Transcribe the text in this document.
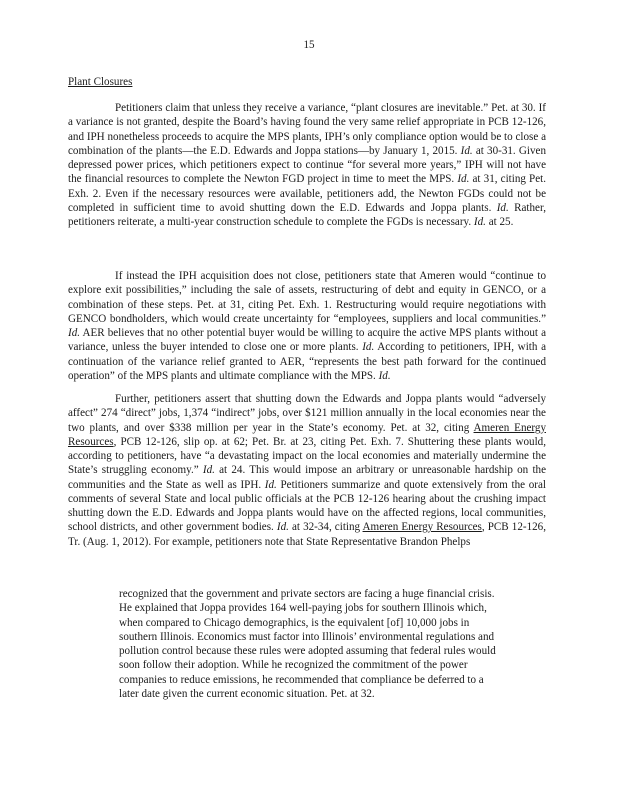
15
Plant Closures

Petitioners claim that unless they receive a variance, “plant closures are inevitable.” Pet. at 30. If a variance is not granted, despite the Board’s having found the very same relief appropriate in PCB 12-126, and IPH nonetheless proceeds to acquire the MPS plants, IPH’s only compliance option would be to close a combination of the plants—the E.D. Edwards and Joppa stations—by January 1, 2015. Id. at 30-31. Given depressed power prices, which petitioners expect to continue “for several more years,” IPH will not have the financial resources to complete the Newton FGD project in time to meet the MPS. Id. at 31, citing Pet. Exh. 2. Even if the necessary resources were available, petitioners add, the Newton FGDs could not be completed in sufficient time to avoid shutting down the E.D. Edwards and Joppa plants. Id. Rather, petitioners reiterate, a multi-year construction schedule to complete the FGDs is necessary. Id. at 25.

If instead the IPH acquisition does not close, petitioners state that Ameren would “continue to explore exit possibilities,” including the sale of assets, restructuring of debt and equity in GENCO, or a combination of these steps. Pet. at 31, citing Pet. Exh. 1. Restructuring would require negotiations with GENCO bondholders, which would create uncertainty for “employees, suppliers and local communities.” Id. AER believes that no other potential buyer would be willing to acquire the active MPS plants without a variance, unless the buyer intended to close one or more plants. Id. According to petitioners, IPH, with a continuation of the variance relief granted to AER, “represents the best path forward for the continued operation” of the MPS plants and ultimate compliance with the MPS. Id.

Further, petitioners assert that shutting down the Edwards and Joppa plants would “adversely affect” 274 “direct” jobs, 1,374 “indirect” jobs, over $121 million annually in the local economies near the two plants, and over $338 million per year in the State’s economy. Pet. at 32, citing Ameren Energy Resources, PCB 12-126, slip op. at 62; Pet. Br. at 23, citing Pet. Exh. 7. Shuttering these plants would, according to petitioners, have “a devastating impact on the local economies and materially undermine the State’s struggling economy.” Id. at 24. This would impose an arbitrary or unreasonable hardship on the communities and the State as well as IPH. Id. Petitioners summarize and quote extensively from the oral comments of several State and local public officials at the PCB 12-126 hearing about the crushing impact shutting down the E.D. Edwards and Joppa plants would have on the affected regions, local communities, school districts, and other government bodies. Id. at 32-34, citing Ameren Energy Resources, PCB 12-126, Tr. (Aug. 1, 2012). For example, petitioners note that State Representative Brandon Phelps

recognized that the government and private sectors are facing a huge financial crisis. He explained that Joppa provides 164 well-paying jobs for southern Illinois which, when compared to Chicago demographics, is the equivalent [of] 10,000 jobs in southern Illinois. Economics must factor into Illinois’ environmental regulations and pollution control because these rules were adopted assuming that federal rules would soon follow their adoption. While he recognized the commitment of the power companies to reduce emissions, he recommended that compliance be deferred to a later date given the current economic situation. Pet. at 32.
